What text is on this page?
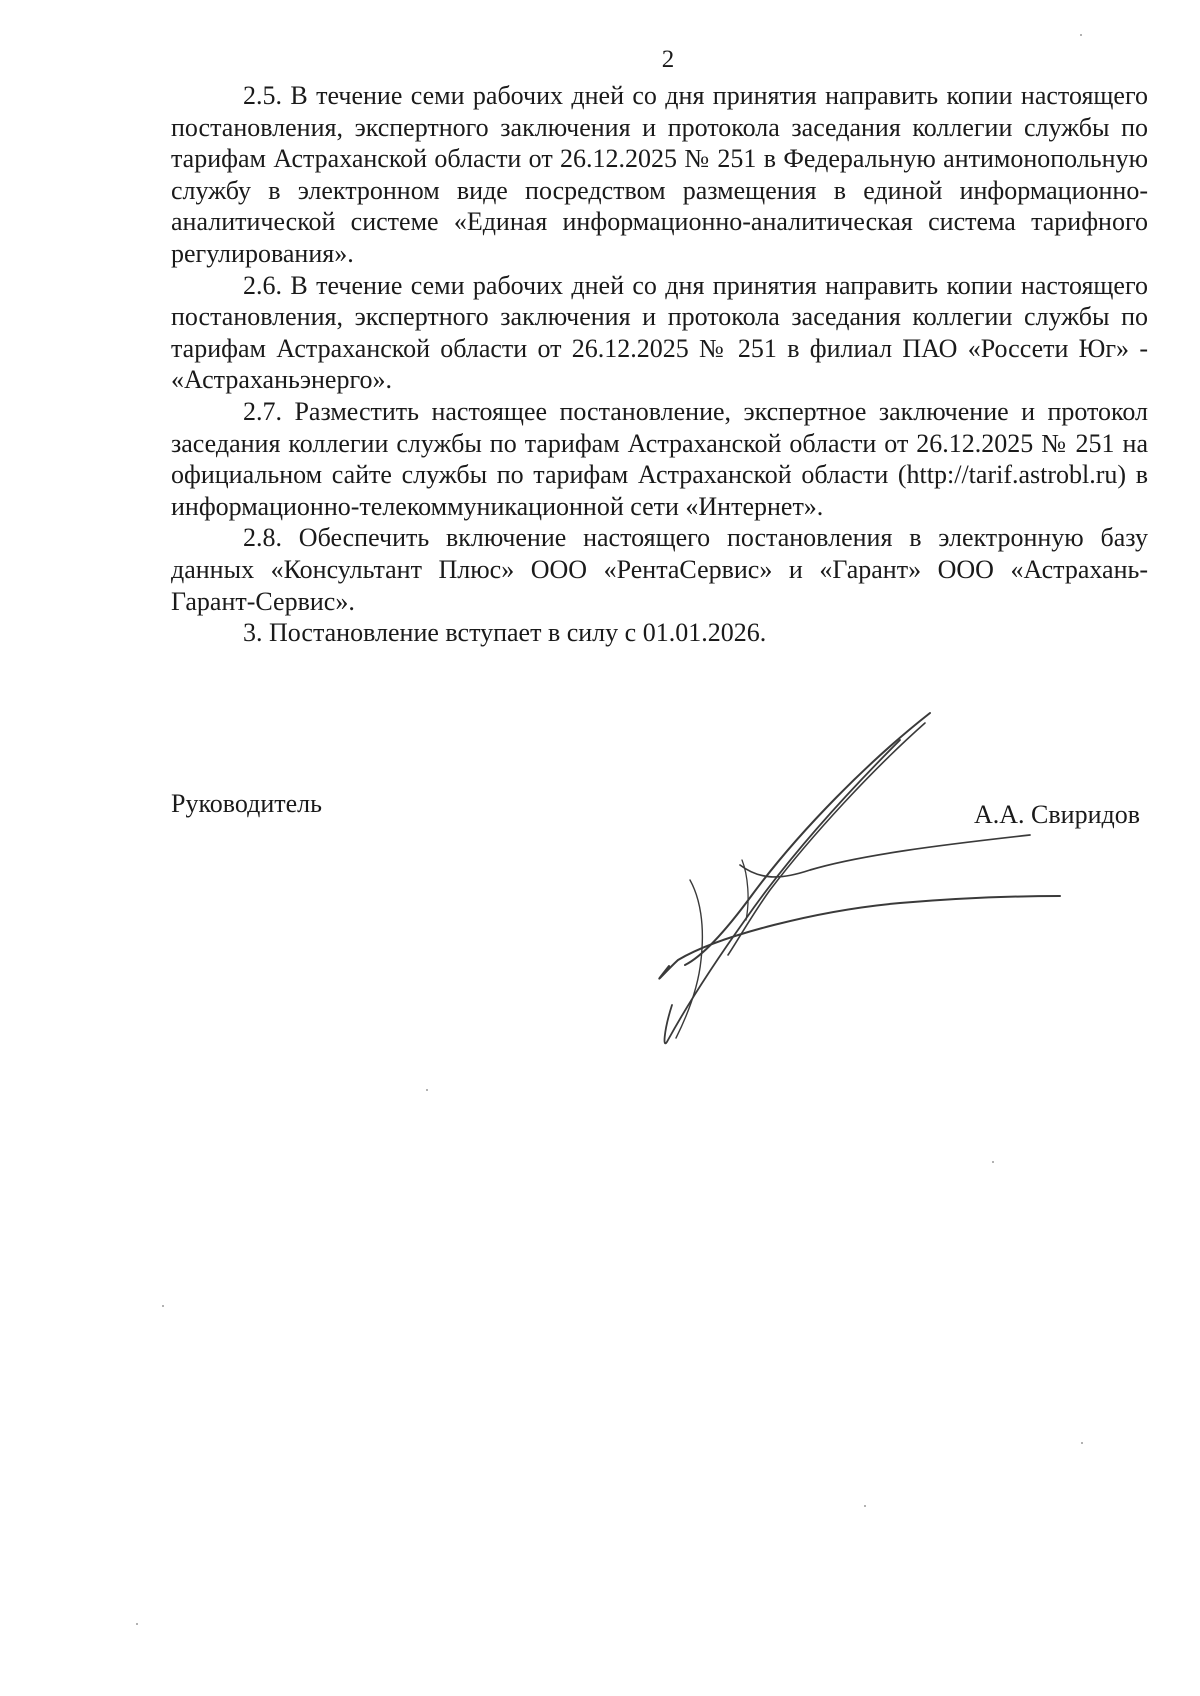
2

2.5. В течение семи рабочих дней со дня принятия направить копии настоящего постановления, экспертного заключения и протокола заседания коллегии службы по тарифам Астраханской области от 26.12.2025 № 251 в Федеральную антимонопольную службу в электронном виде посредством размещения в единой информационно-аналитической системе «Единая информационно-аналитическая система тарифного регулирования».

2.6. В течение семи рабочих дней со дня принятия направить копии настоящего постановления, экспертного заключения и протокола заседания коллегии службы по тарифам Астраханской области от 26.12.2025 № 251 в филиал ПАО «Россети Юг» - «Астраханьэнерго».

2.7. Разместить настоящее постановление, экспертное заключение и протокол заседания коллегии службы по тарифам Астраханской области от 26.12.2025 № 251 на официальном сайте службы по тарифам Астраханской области (http://tarif.astrobl.ru) в информационно-телекоммуникационной сети «Интернет».

2.8. Обеспечить включение настоящего постановления в электронную базу данных «Консультант Плюс» ООО «РентаСервис» и «Гарант» ООО «Астрахань-Гарант-Сервис».

3. Постановление вступает в силу с 01.01.2026.

Руководитель	А.А. Свиридов
